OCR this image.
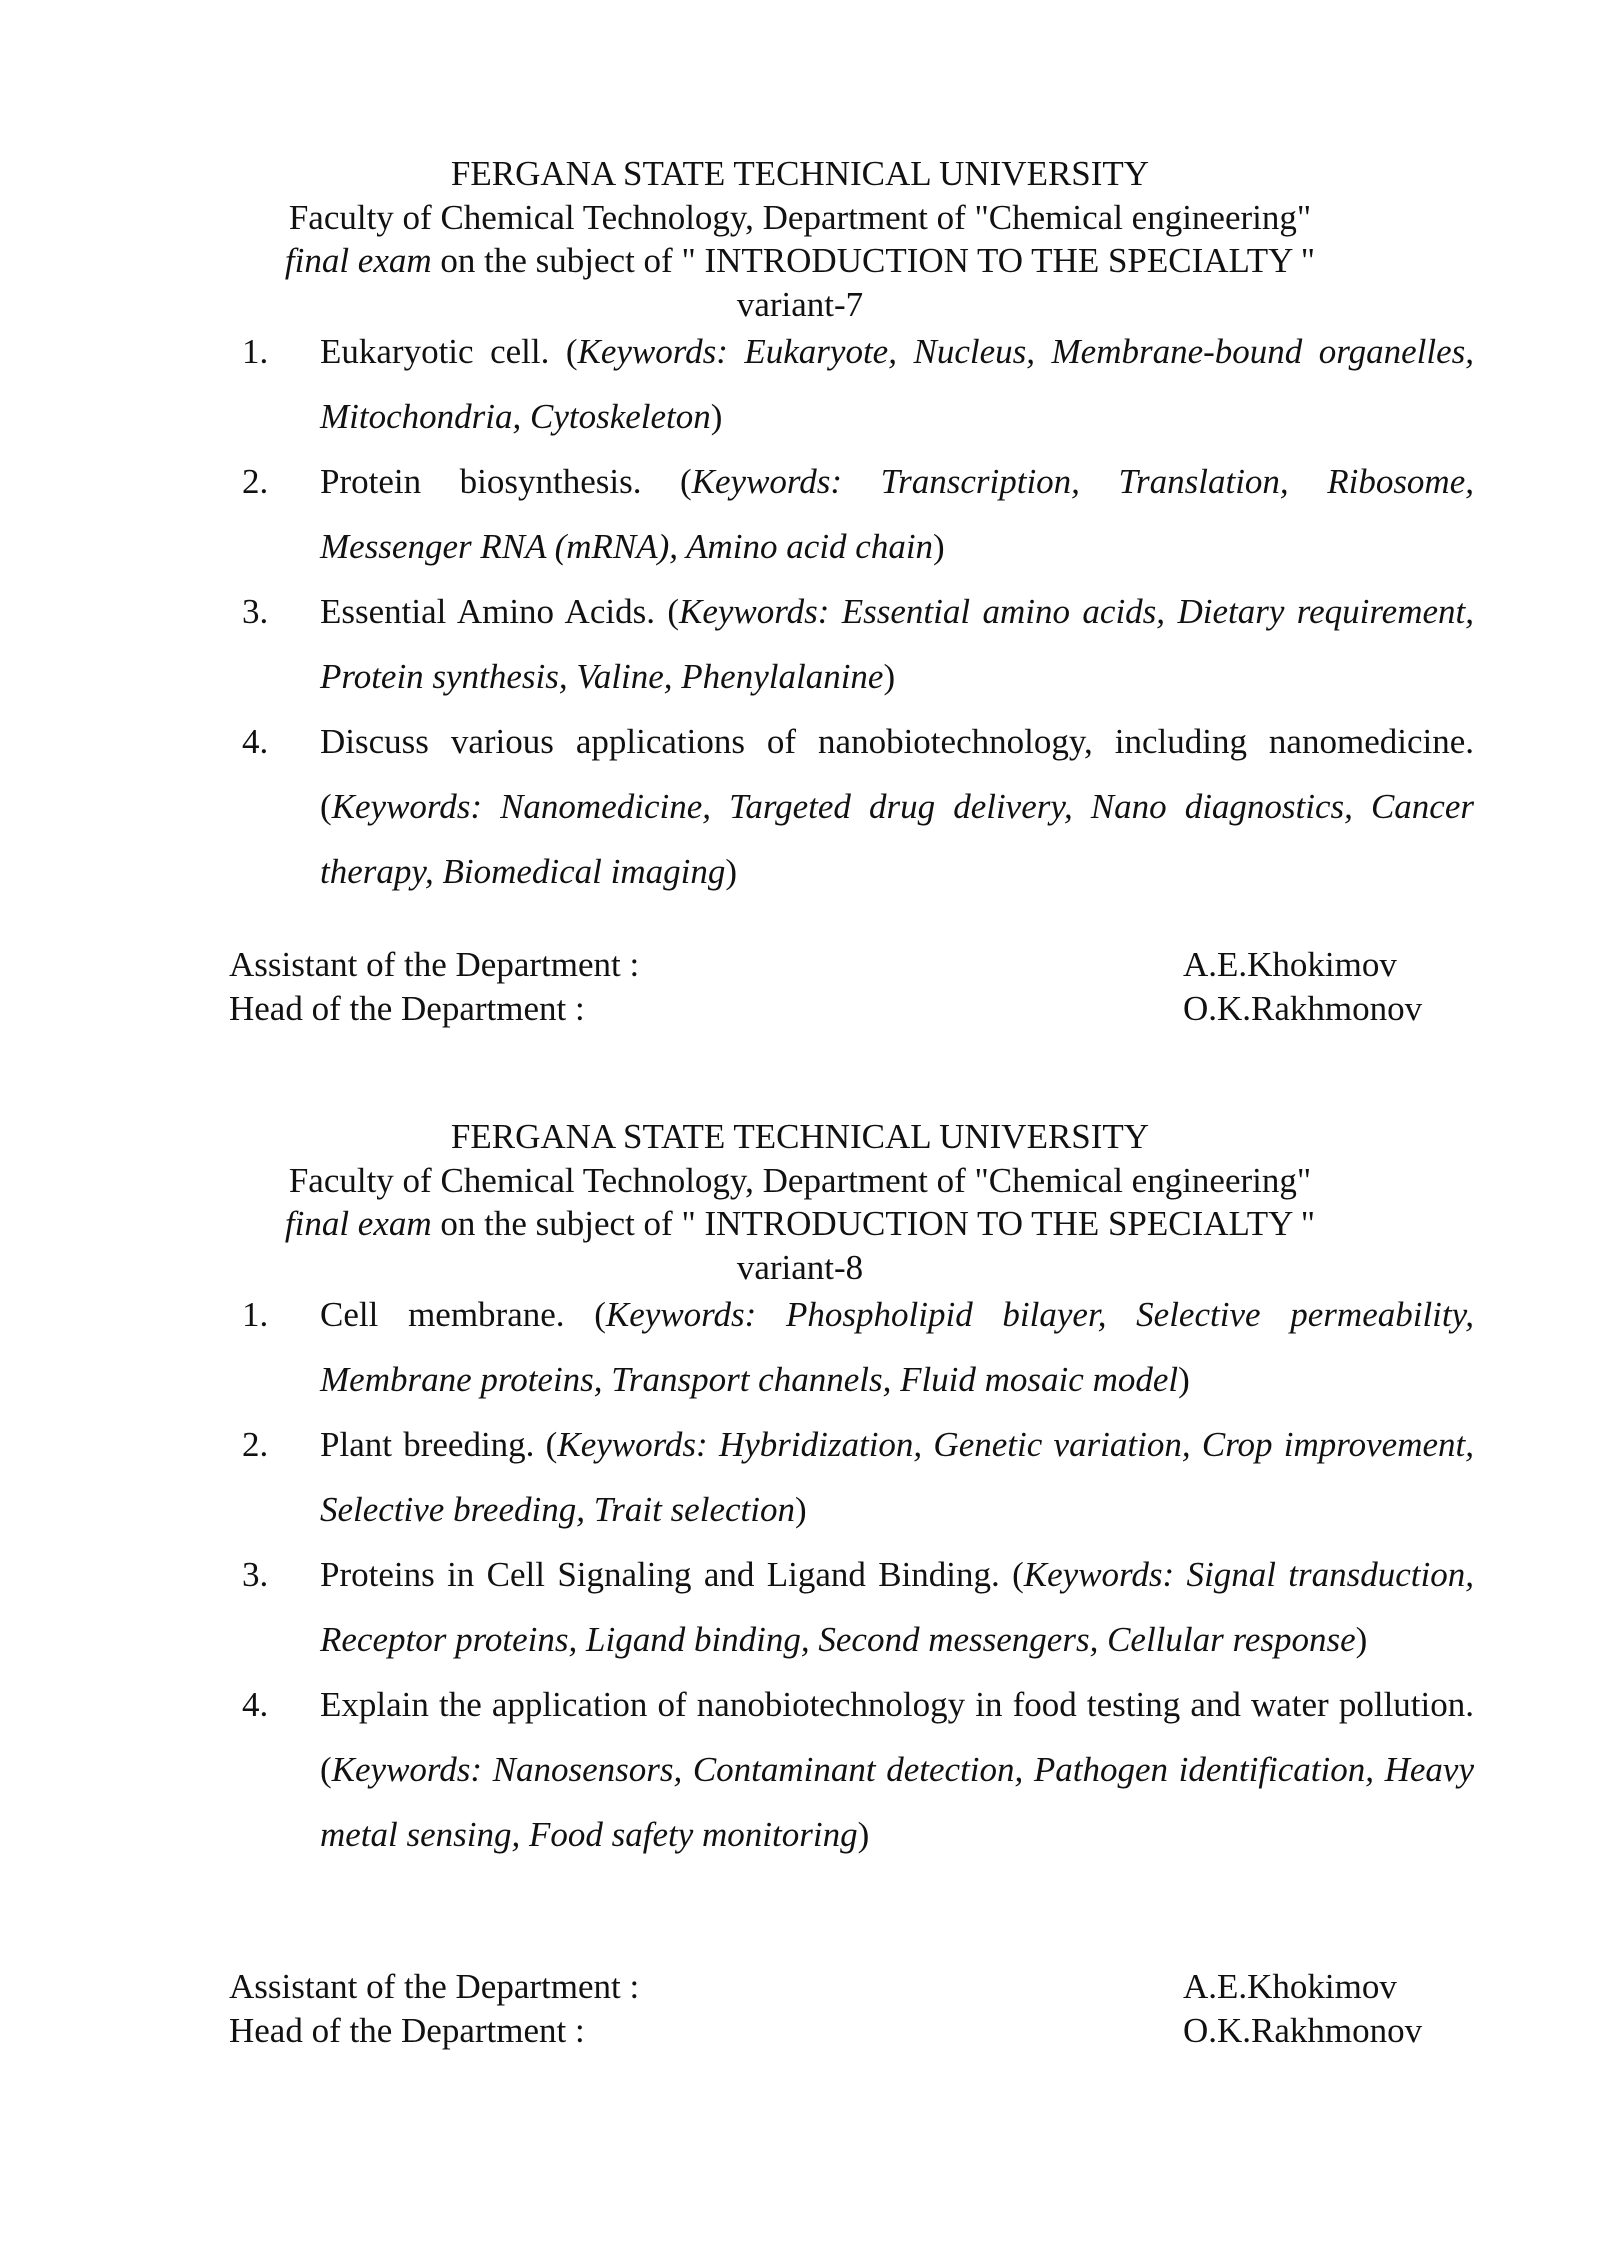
FERGANA STATE TECHNICAL UNIVERSITY
Faculty of Chemical Technology, Department of "Chemical engineering"
final exam on the subject of " INTRODUCTION TO THE SPECIALTY "
variant-7
1.	Eukaryotic cell. (Keywords: Eukaryote, Nucleus, Membrane-bound organelles, Mitochondria, Cytoskeleton)
2.	Protein biosynthesis. (Keywords: Transcription, Translation, Ribosome, Messenger RNA (mRNA), Amino acid chain)
3.	Essential Amino Acids. (Keywords: Essential amino acids, Dietary requirement, Protein synthesis, Valine, Phenylalanine)
4.	Discuss various applications of nanobiotechnology, including nanomedicine. (Keywords: Nanomedicine, Targeted drug delivery, Nano diagnostics, Cancer therapy, Biomedical imaging)
Assistant of the Department :	A.E.Khokimov
Head of the Department :	O.K.Rakhmonov
FERGANA STATE TECHNICAL UNIVERSITY
Faculty of Chemical Technology, Department of "Chemical engineering"
final exam on the subject of " INTRODUCTION TO THE SPECIALTY "
variant-8
1.	Cell membrane. (Keywords: Phospholipid bilayer, Selective permeability, Membrane proteins, Transport channels, Fluid mosaic model)
2.	Plant breeding. (Keywords: Hybridization, Genetic variation, Crop improvement, Selective breeding, Trait selection)
3.	Proteins in Cell Signaling and Ligand Binding. (Keywords: Signal transduction, Receptor proteins, Ligand binding, Second messengers, Cellular response)
4.	Explain the application of nanobiotechnology in food testing and water pollution. (Keywords: Nanosensors, Contaminant detection, Pathogen identification, Heavy metal sensing, Food safety monitoring)
Assistant of the Department :	A.E.Khokimov
Head of the Department :	O.K.Rakhmonov
